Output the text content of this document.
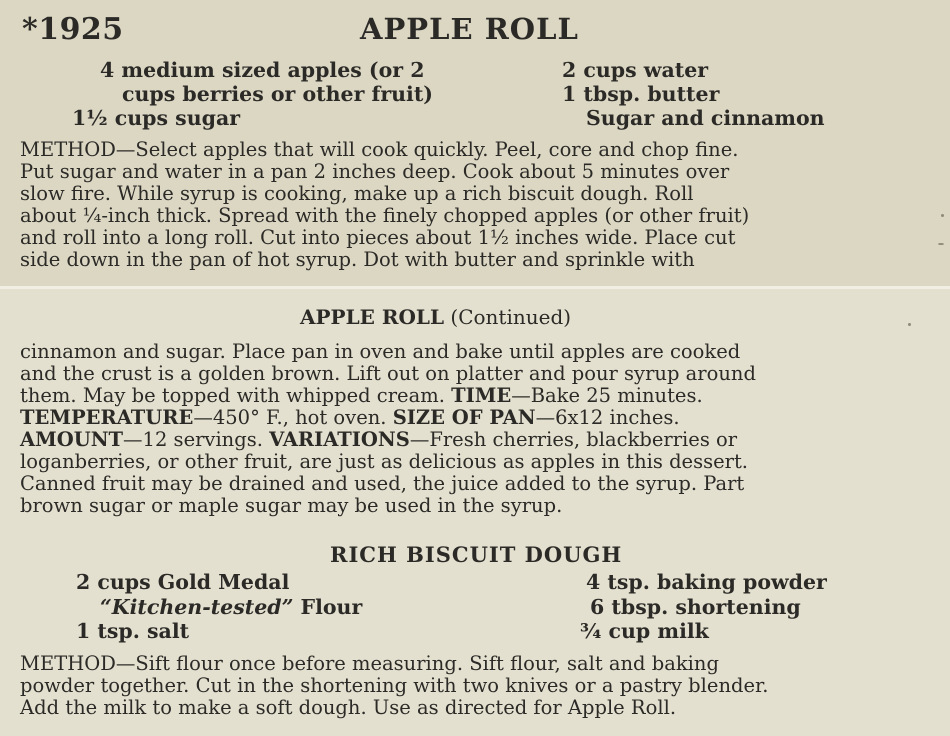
*1925	APPLE ROLL
4 medium sized apples (or 2
cups berries or other fruit)
1½ cups sugar
2 cups water
1 tbsp. butter
Sugar and cinnamon
METHOD—Select apples that will cook quickly. Peel, core and chop fine.
Put sugar and water in a pan 2 inches deep. Cook about 5 minutes over
slow fire. While syrup is cooking, make up a rich biscuit dough. Roll
about ¼-inch thick. Spread with the finely chopped apples (or other fruit)
and roll into a long roll. Cut into pieces about 1½ inches wide. Place cut
side down in the pan of hot syrup. Dot with butter and sprinkle with
APPLE ROLL (Continued)
cinnamon and sugar. Place pan in oven and bake until apples are cooked
and the crust is a golden brown. Lift out on platter and pour syrup around
them. May be topped with whipped cream. TIME—Bake 25 minutes.
TEMPERATURE—450° F., hot oven. SIZE OF PAN—6x12 inches.
AMOUNT—12 servings. VARIATIONS—Fresh cherries, blackberries or
loganberries, or other fruit, are just as delicious as apples in this dessert.
Canned fruit may be drained and used, the juice added to the syrup. Part
brown sugar or maple sugar may be used in the syrup.
RICH BISCUIT DOUGH
2 cups Gold Medal
“Kitchen-tested” Flour
1 tsp. salt
4 tsp. baking powder
6 tbsp. shortening
¾ cup milk
METHOD—Sift flour once before measuring. Sift flour, salt and baking
powder together. Cut in the shortening with two knives or a pastry blender.
Add the milk to make a soft dough. Use as directed for Apple Roll.
